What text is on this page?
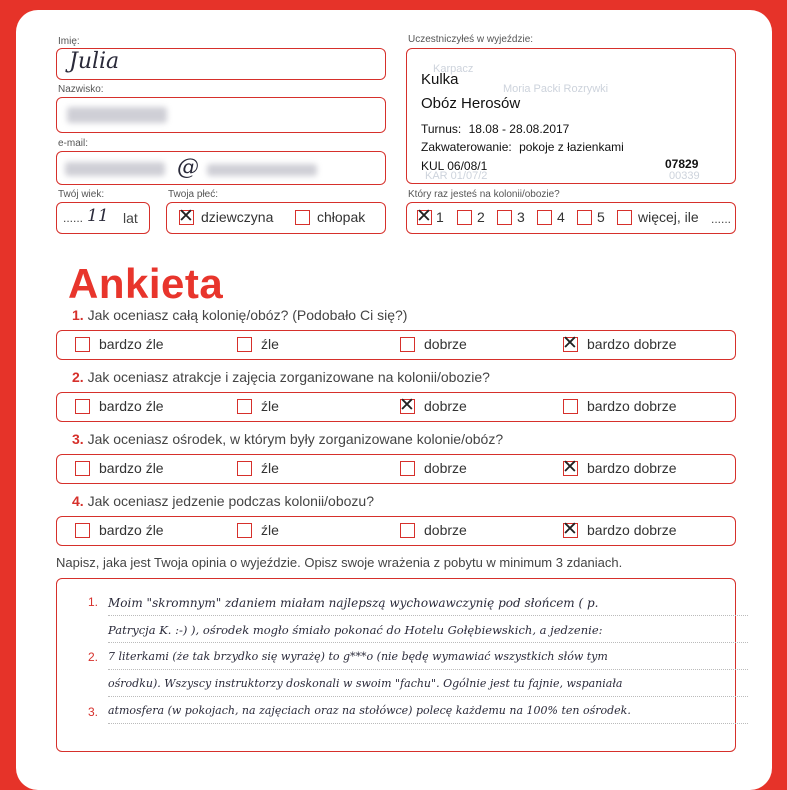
Imię:
Julia
Nazwisko:
e-mail:
@
Twój wiek:
...... 11 lat
Twoja płeć:
✕ dziewczyna	chłopak
Uczestniczyłeś w wyjeździe:
Karpacz
Moria Packi Rozrywki
Kulka
Obóz Herosów
Turnus: 18.08 - 28.08.2017
Zakwaterowanie: pokoje z łazienkami
KUL 06/08/1	07829
KAR 01/07/2	00339
Który raz jesteś na kolonii/obozie?
✕ 1 2 3 4 5 więcej, ile ......
Ankieta
1. Jak oceniasz całą kolonię/obóz? (Podobało Ci się?)
bardzo źle	źle	dobrze	✕ bardzo dobrze
2. Jak oceniasz atrakcje i zajęcia zorganizowane na kolonii/obozie?
bardzo źle	źle	✕ dobrze	bardzo dobrze
3. Jak oceniasz ośrodek, w którym były zorganizowane kolonie/obóz?
bardzo źle	źle	dobrze	✕ bardzo dobrze
4. Jak oceniasz jedzenie podczas kolonii/obozu?
bardzo źle	źle	dobrze	✕ bardzo dobrze
Napisz, jaka jest Twoja opinia o wyjeździe. Opisz swoje wrażenia z pobytu w minimum 3 zdaniach.
1.
2.
3.
Moim "skromnym" zdaniem miałam najlepszą wychowawczynię pod słońcem ( p.
Patrycja K. :-) ), ośrodek mogło śmiało pokonać do Hotelu Gołębiewskich, a jedzenie:
7 literkami (że tak brzydko się wyrażę) to g***o (nie będę wymawiać wszystkich słów tym
ośrodku). Wszyscy instruktorzy doskonali w swoim "fachu". Ogólnie jest tu fajnie, wspaniała
atmosfera (w pokojach, na zajęciach oraz na stołówce) polecę każdemu na 100% ten ośrodek.
